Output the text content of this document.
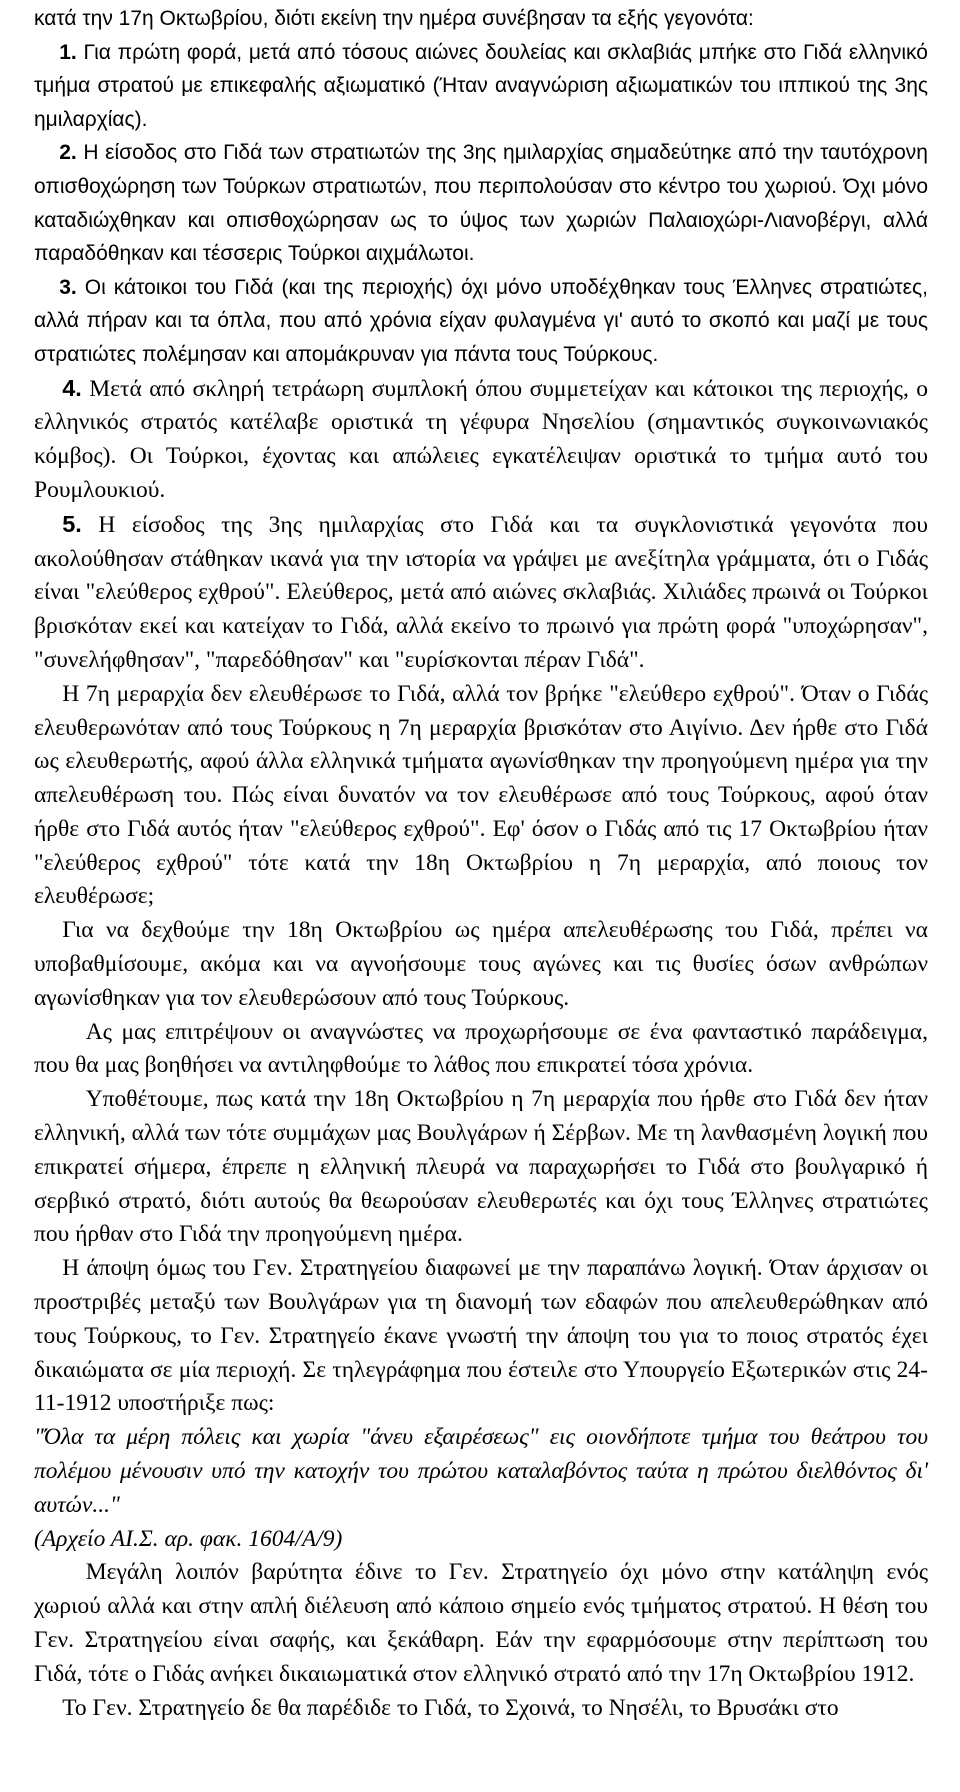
κατά την 17η Οκτωβρίου, διότι εκείνη την ημέρα συνέβησαν τα εξής γεγονότα:

1. Για πρώτη φορά, μετά από τόσους αιώνες δουλείας και σκλαβιάς μπήκε στο Γιδά ελληνικό τμήμα στρατού με επικεφαλής αξιωματικό (Ήταν αναγνώριση αξιωματικών του ιππικού της 3ης ημιλαρχίας).

2. Η είσοδος στο Γιδά των στρατιωτών της 3ης ημιλαρχίας σημαδεύτηκε από την ταυτόχρονη οπισθοχώρηση των Τούρκων στρατιωτών, που περιπολούσαν στο κέντρο του χωριού. Όχι μόνο καταδιώχθηκαν και οπισθοχώρησαν ως το ύψος των χωριών Παλαιοχώρι-Λιανοβέργι, αλλά παραδόθηκαν και τέσσερις Τούρκοι αιχμάλωτοι.

3. Οι κάτοικοι του Γιδά (και της περιοχής) όχι μόνο υποδέχθηκαν τους Έλληνες στρατιώτες, αλλά πήραν και τα όπλα, που από χρόνια είχαν φυλαγμένα γι' αυτό το σκοπό και μαζί με τους στρατιώτες πολέμησαν και απομάκρυναν για πάντα τους Τούρκους.

4. Μετά από σκληρή τετράωρη συμπλοκή όπου συμμετείχαν και κάτοικοι της περιοχής, ο ελληνικός στρατός κατέλαβε οριστικά τη γέφυρα Νησελίου (σημαντικός συγκοινωνιακός κόμβος). Οι Τούρκοι, έχοντας και απώλειες εγκατέλειψαν οριστικά το τμήμα αυτό του Ρουμλουκιού.

5. Η είσοδος της 3ης ημιλαρχίας στο Γιδά και τα συγκλονιστικά γεγονότα που ακολούθησαν στάθηκαν ικανά για την ιστορία να γράψει με ανεξίτηλα γράμματα, ότι ο Γιδάς είναι "ελεύθερος εχθρού". Ελεύθερος, μετά από αιώνες σκλαβιάς. Χιλιάδες πρωινά οι Τούρκοι βρισκόταν εκεί και κατείχαν το Γιδά, αλλά εκείνο το πρωινό για πρώτη φορά "υποχώρησαν", "συνελήφθησαν", "παρεδόθησαν" και "ευρίσκονται πέραν Γιδά".

Η 7η μεραρχία δεν ελευθέρωσε το Γιδά, αλλά τον βρήκε "ελεύθερο εχθρού". Όταν ο Γιδάς ελευθερωνόταν από τους Τούρκους η 7η μεραρχία βρισκόταν στο Αιγίνιο. Δεν ήρθε στο Γιδά ως ελευθερωτής, αφού άλλα ελληνικά τμήματα αγωνίσθηκαν την προηγούμενη ημέρα για την απελευθέρωση του. Πώς είναι δυνατόν να τον ελευθέρωσε από τους Τούρκους, αφού όταν ήρθε στο Γιδά αυτός ήταν "ελεύθερος εχθρού". Εφ' όσον ο Γιδάς από τις 17 Οκτωβρίου ήταν "ελεύθερος εχθρού" τότε κατά την 18η Οκτωβρίου η 7η μεραρχία, από ποιους τον ελευθέρωσε;

Για να δεχθούμε την 18η Οκτωβρίου ως ημέρα απελευθέρωσης του Γιδά, πρέπει να υποβαθμίσουμε, ακόμα και να αγνοήσουμε τους αγώνες και τις θυσίες όσων ανθρώπων αγωνίσθηκαν για τον ελευθερώσουν από τους Τούρκους.

Ας μας επιτρέψουν οι αναγνώστες να προχωρήσουμε σε ένα φανταστικό παράδειγμα, που θα μας βοηθήσει να αντιληφθούμε το λάθος που επικρατεί τόσα χρόνια.

Υποθέτουμε, πως κατά την 18η Οκτωβρίου η 7η μεραρχία που ήρθε στο Γιδά δεν ήταν ελληνική, αλλά των τότε συμμάχων μας Βουλγάρων ή Σέρβων. Με τη λανθασμένη λογική που επικρατεί σήμερα, έπρεπε η ελληνική πλευρά να παραχωρήσει το Γιδά στο βουλγαρικό ή σερβικό στρατό, διότι αυτούς θα θεωρούσαν ελευθερωτές και όχι τους Έλληνες στρατιώτες που ήρθαν στο Γιδά την προηγούμενη ημέρα.

Η άποψη όμως του Γεν. Στρατηγείου διαφωνεί με την παραπάνω λογική. Όταν άρχισαν οι προστριβές μεταξύ των Βουλγάρων για τη διανομή των εδαφών που απελευθερώθηκαν από τους Τούρκους, το Γεν. Στρατηγείο έκανε γνωστή την άποψη του για το ποιος στρατός έχει δικαιώματα σε μία περιοχή. Σε τηλεγράφημα που έστειλε στο Υπουργείο Εξωτερικών στις 24-11-1912 υποστήριξε πως:

"Όλα τα μέρη πόλεις και χωρία "άνευ εξαιρέσεως" εις οιονδήποτε τμήμα του θεάτρου του πολέμου μένουσιν υπό την κατοχήν του πρώτου καταλαβόντος ταύτα η πρώτου διελθόντος δι' αυτών..."

(Αρχείο ΑΙ.Σ. αρ. φακ. 1604/Α/9)

Μεγάλη λοιπόν βαρύτητα έδινε το Γεν. Στρατηγείο όχι μόνο στην κατάληψη ενός χωριού αλλά και στην απλή διέλευση από κάποιο σημείο ενός τμήματος στρατού. Η θέση του Γεν. Στρατηγείου είναι σαφής, και ξεκάθαρη. Εάν την εφαρμόσουμε στην περίπτωση του Γιδά, τότε ο Γιδάς ανήκει δικαιωματικά στον ελληνικό στρατό από την 17η Οκτωβρίου 1912.

Το Γεν. Στρατηγείο δε θα παρέδιδε το Γιδά, το Σχοινά, το Νησέλι, το Βρυσάκι στο
